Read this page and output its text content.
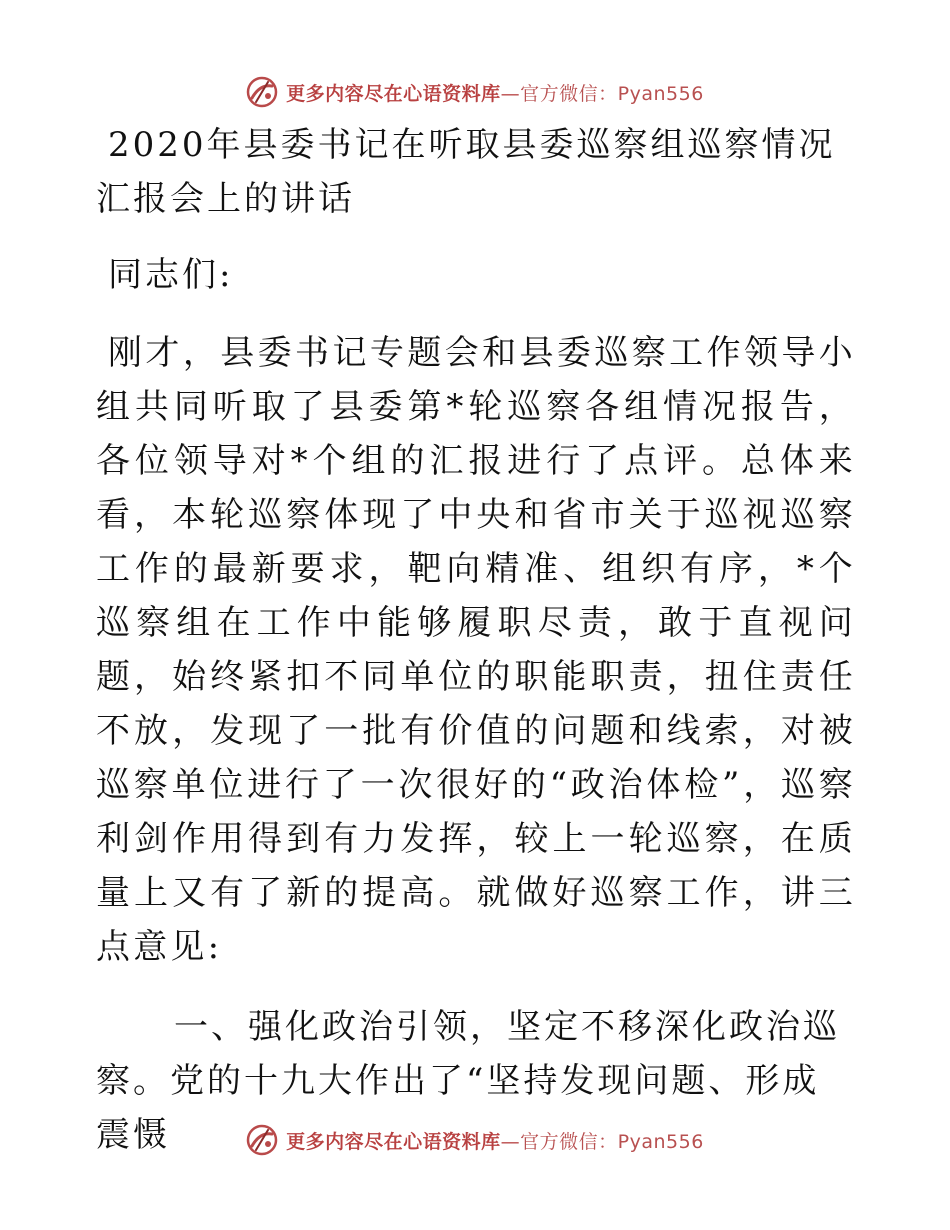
更多内容尽在心语资料库—官方微信：Pyan556
2020年县委书记在听取县委巡察组巡察情况汇报会上的讲话

同志们:

刚才，县委书记专题会和县委巡察工作领导小组共同听取了县委第*轮巡察各组情况报告，各位领导对*个组的汇报进行了点评。总体来看，本轮巡察体现了中央和省市关于巡视巡察工作的最新要求，靶向精准、组织有序，*个巡察组在工作中能够履职尽责，敢于直视问题，始终紧扣不同单位的职能职责，扭住责任不放，发现了一批有价值的问题和线索，对被巡察单位进行了一次很好的“政治体检”，巡察利剑作用得到有力发挥，较上一轮巡察，在质量上又有了新的提高。就做好巡察工作，讲三点意见:

一、强化政治引领，坚定不移深化政治巡察。党的十九大作出了“坚持发现问题、形成震慑	更多内容尽在心语资料库—官方微信：Pyan556
